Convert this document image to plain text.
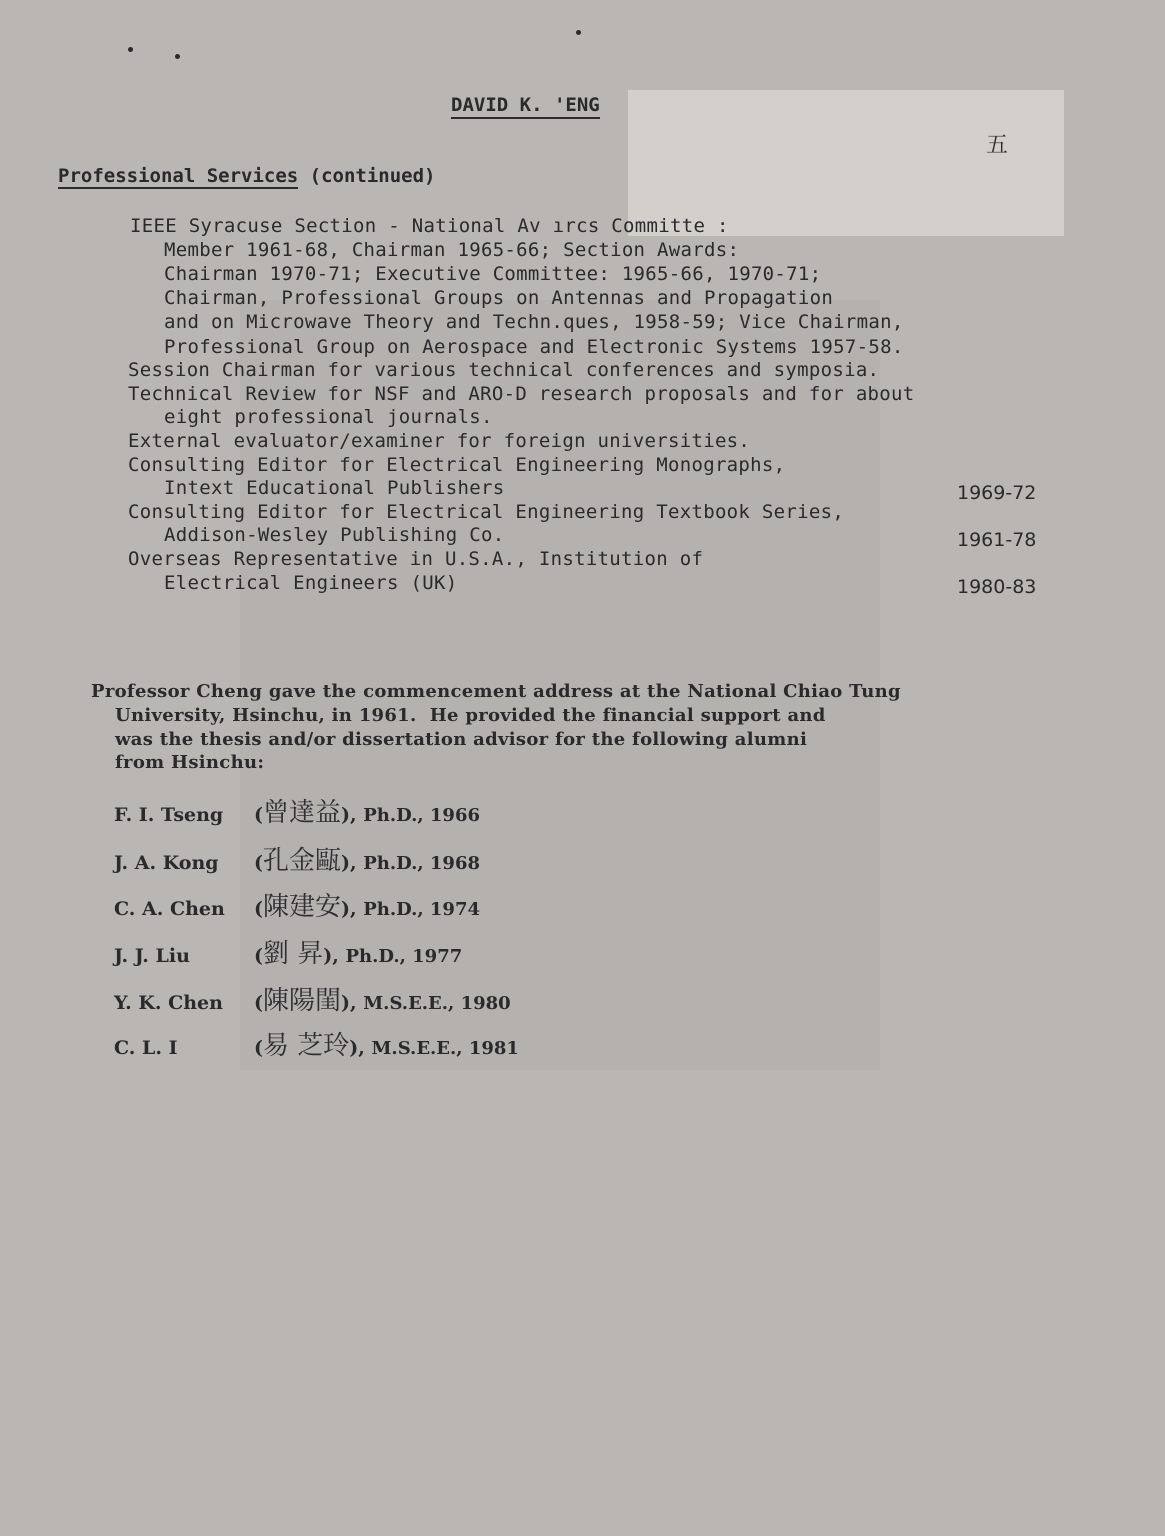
DAVID K. 'ENG
五
Professional Services (continued)
IEEE Syracuse Section - National Av ırcs Committe :
Member 1961-68, Chairman 1965-66; Section Awards:
Chairman 1970-71; Executive Committee: 1965-66, 1970-71;
Chairman, Professional Groups on Antennas and Propagation
and on Microwave Theory and Techn.ques, 1958-59; Vice Chairman,
Professional Group on Aerospace and Electronic Systems 1957-58.
Session Chairman for various technical conferences and symposia.
Technical Review for NSF and ARO-D research proposals and for about
eight professional journals.
External evaluator/examiner for foreign universities.
Consulting Editor for Electrical Engineering Monographs,
Intext Educational Publishers
Consulting Editor for Electrical Engineering Textbook Series,
Addison-Wesley Publishing Co.
Overseas Representative in U.S.A., Institution of
Electrical Engineers (UK)
1969-72
1961-78
1980-83
Professor Cheng gave the commencement address at the National Chiao Tung
University, Hsinchu, in 1961.  He provided the financial support and
was the thesis and/or dissertation advisor for the following alumni
from Hsinchu:
F. I. Tseng (曾達益), Ph.D., 1966
J. A. Kong (孔金甌), Ph.D., 1968
C. A. Chen (陳建安), Ph.D., 1974
J. J. Liu	(劉 昇), Ph.D., 1977
Y. K. Chen (陳陽閨), M.S.E.E., 1980
C. L. I	(易 芝玲), M.S.E.E., 1981
